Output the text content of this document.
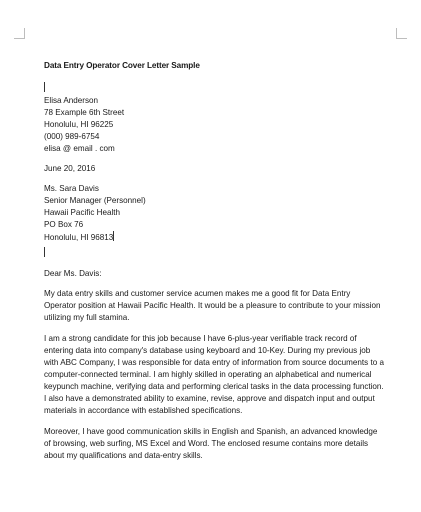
Data Entry Operator Cover Letter Sample
Elisa Anderson
78 Example 6th Street
Honolulu, HI 96225
(000) 989-6754
elisa @ email . com
June 20, 2016
Ms. Sara Davis
Senior Manager (Personnel)
Hawaii Pacific Health
PO Box 76
Honolulu, HI 96813
Dear Ms. Davis:

My data entry skills and customer service acumen makes me a good fit for Data Entry Operator position at Hawaii Pacific Health. It would be a pleasure to contribute to your mission utilizing my full stamina.

I am a strong candidate for this job because I have 6-plus-year verifiable track record of entering data into company's database using keyboard and 10-Key. During my previous job with ABC Company, I was responsible for data entry of information from source documents to a computer-connected terminal. I am highly skilled in operating an alphabetical and numerical keypunch machine, verifying data and performing clerical tasks in the data processing function. I also have a demonstrated ability to examine, revise, approve and dispatch input and output materials in accordance with established specifications.

Moreover, I have good communication skills in English and Spanish, an advanced knowledge of browsing, web surfing, MS Excel and Word. The enclosed resume contains more details about my qualifications and data-entry skills.
